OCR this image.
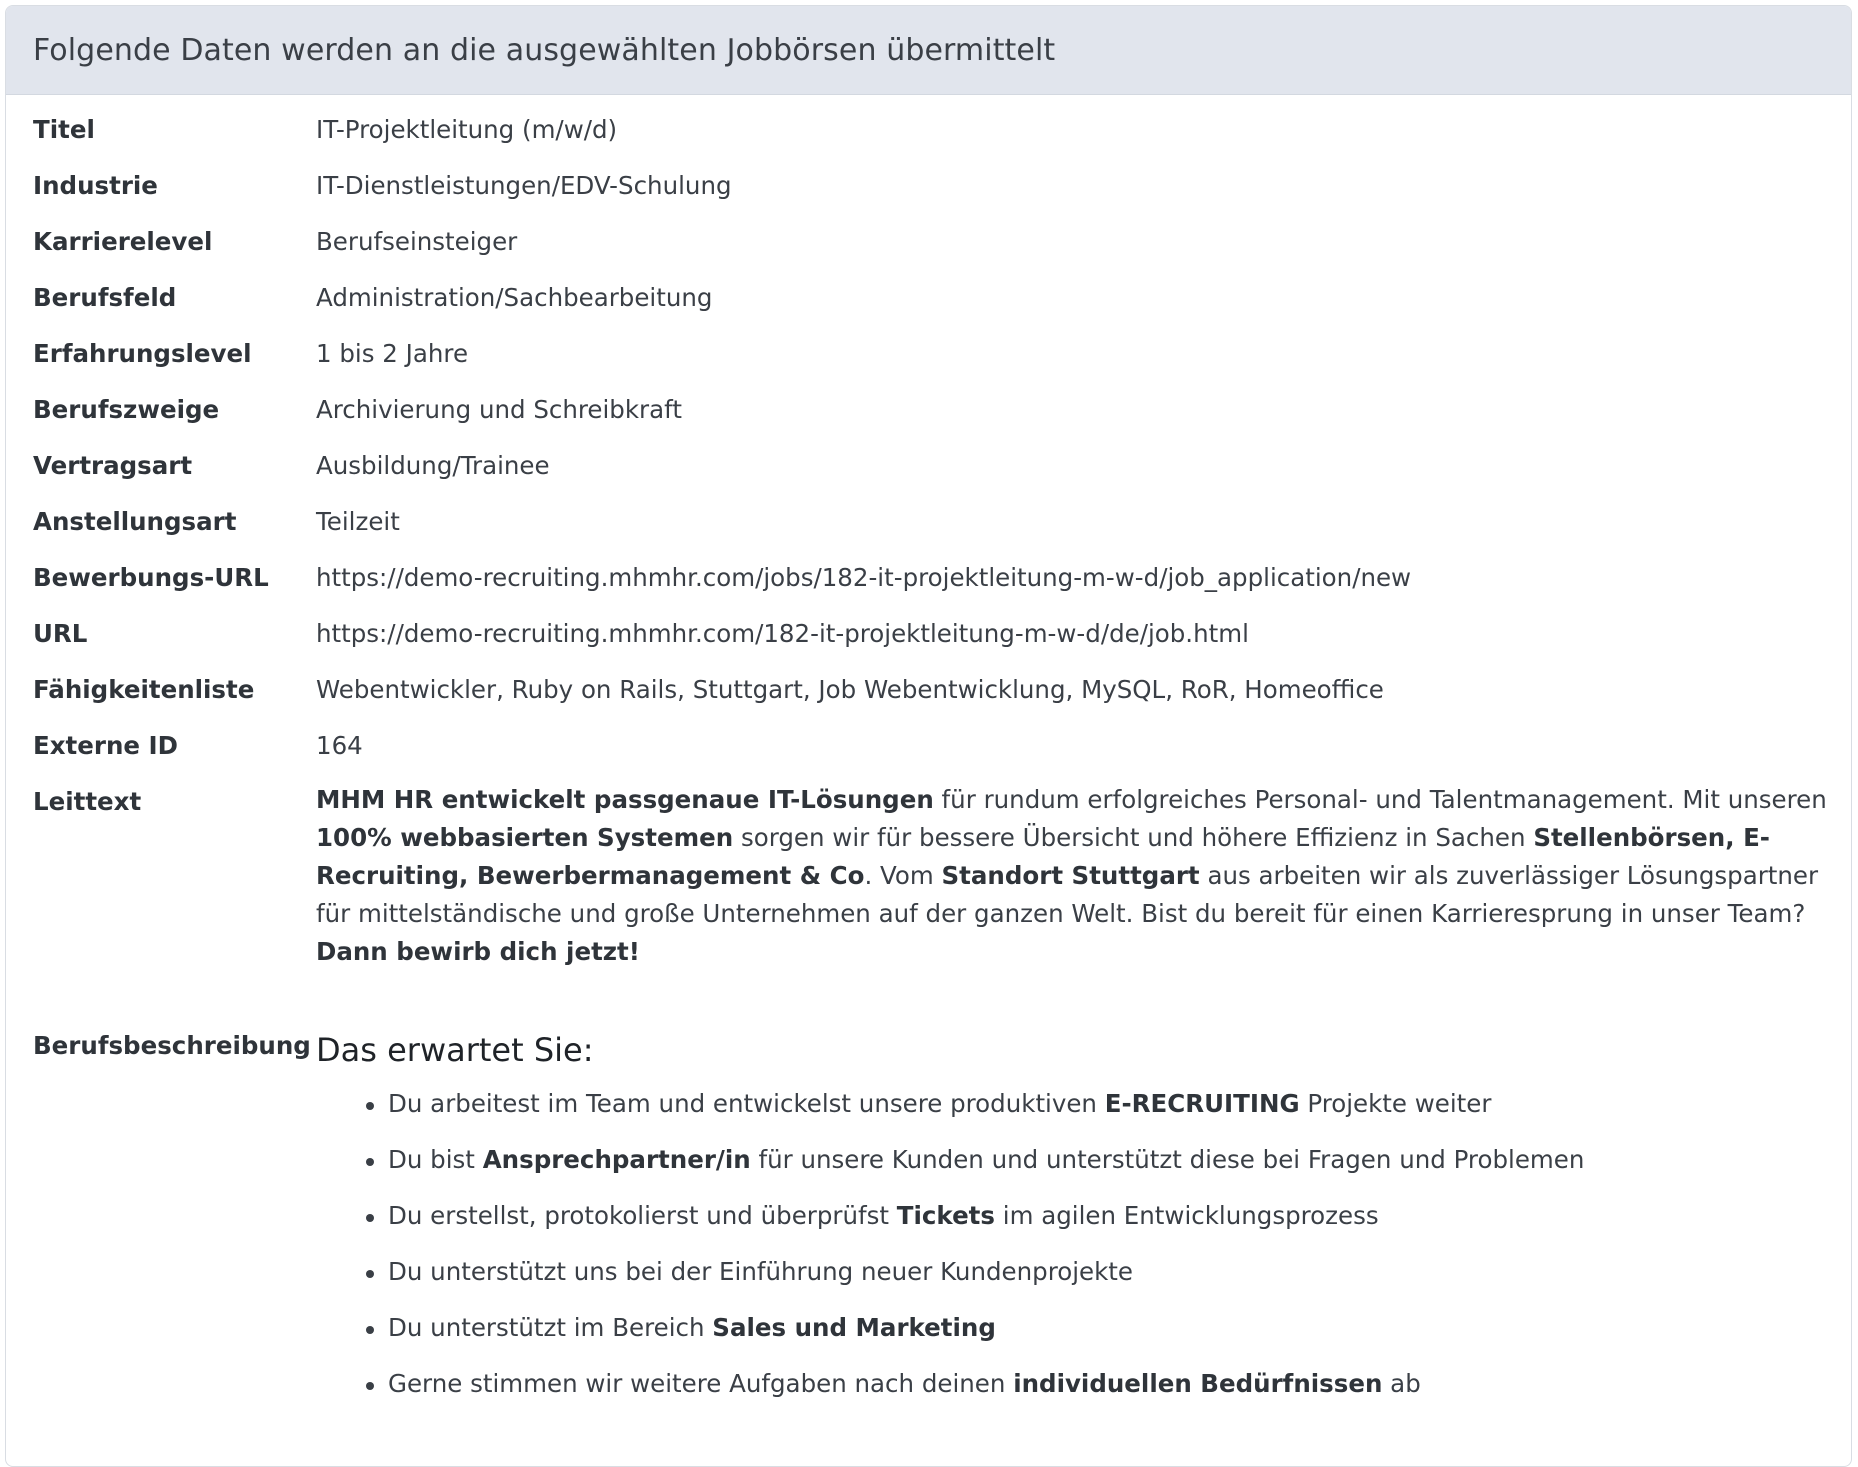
Folgende Daten werden an die ausgewählten Jobbörsen übermittelt
Titel	IT-Projektleitung (m/w/d)
Industrie	IT-Dienstleistungen/EDV-Schulung
Karrierelevel	Berufseinsteiger
Berufsfeld	Administration/Sachbearbeitung
Erfahrungslevel	1 bis 2 Jahre
Berufszweige	Archivierung und Schreibkraft
Vertragsart	Ausbildung/Trainee
Anstellungsart	Teilzeit
Bewerbungs-URL https://demo-recruiting.mhmhr.com/jobs/182-it-projektleitung-m-w-d/job_application/new
URL	https://demo-recruiting.mhmhr.com/182-it-projektleitung-m-w-d/de/job.html
Fähigkeitenliste	Webentwickler, Ruby on Rails, Stuttgart, Job Webentwicklung, MySQL, RoR, Homeoffice
Externe ID	164
Leittext	MHM HR entwickelt passgenaue IT-Lösungen für rundum erfolgreiches Personal- und Talentmanagement. Mit unseren 100% webbasierten Systemen sorgen wir für bessere Übersicht und höhere Effizienz in Sachen Stellenbörsen, E-Recruiting, Bewerbermanagement & Co. Vom Standort Stuttgart aus arbeiten wir als zuverlässiger Lösungspartner für mittelständische und große Unternehmen auf der ganzen Welt. Bist du bereit für einen Karrieresprung in unser Team? Dann bewirb dich jetzt!
Berufsbeschreibung Das erwartet Sie:
Du arbeitest im Team und entwickelst unsere produktiven E-RECRUITING Projekte weiter
Du bist Ansprechpartner/in für unsere Kunden und unterstützt diese bei Fragen und Problemen
Du erstellst, protokolierst und überprüfst Tickets im agilen Entwicklungsprozess
Du unterstützt uns bei der Einführung neuer Kundenprojekte
Du unterstützt im Bereich Sales und Marketing
Gerne stimmen wir weitere Aufgaben nach deinen individuellen Bedürfnissen ab
